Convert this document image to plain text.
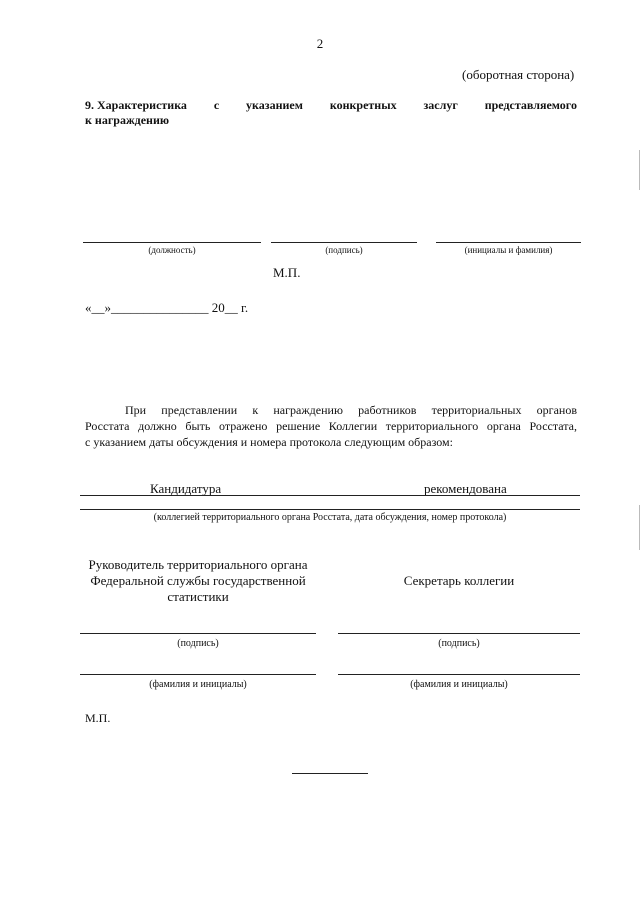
2
(оборотная сторона)
9. Характеристика с указанием конкретных заслуг представляемого
к награждению
(должность)	(подпись)	(инициалы и фамилия)
М.П.
«__»_______________ 20__ г.
При представлении к награждению работников территориальных органов
Росстата должно быть отражено решение Коллегии территориального органа Росстата,
с указанием даты обсуждения и номера протокола следующим образом:
Кандидатура	рекомендована
(коллегией территориального органа Росстата, дата обсуждения, номер протокола)
Руководитель территориального органа
Федеральной службы государственной
статистики
Секретарь коллегии
(подпись)	(подпись)
(фамилия и инициалы)	(фамилия и инициалы)
М.П.
